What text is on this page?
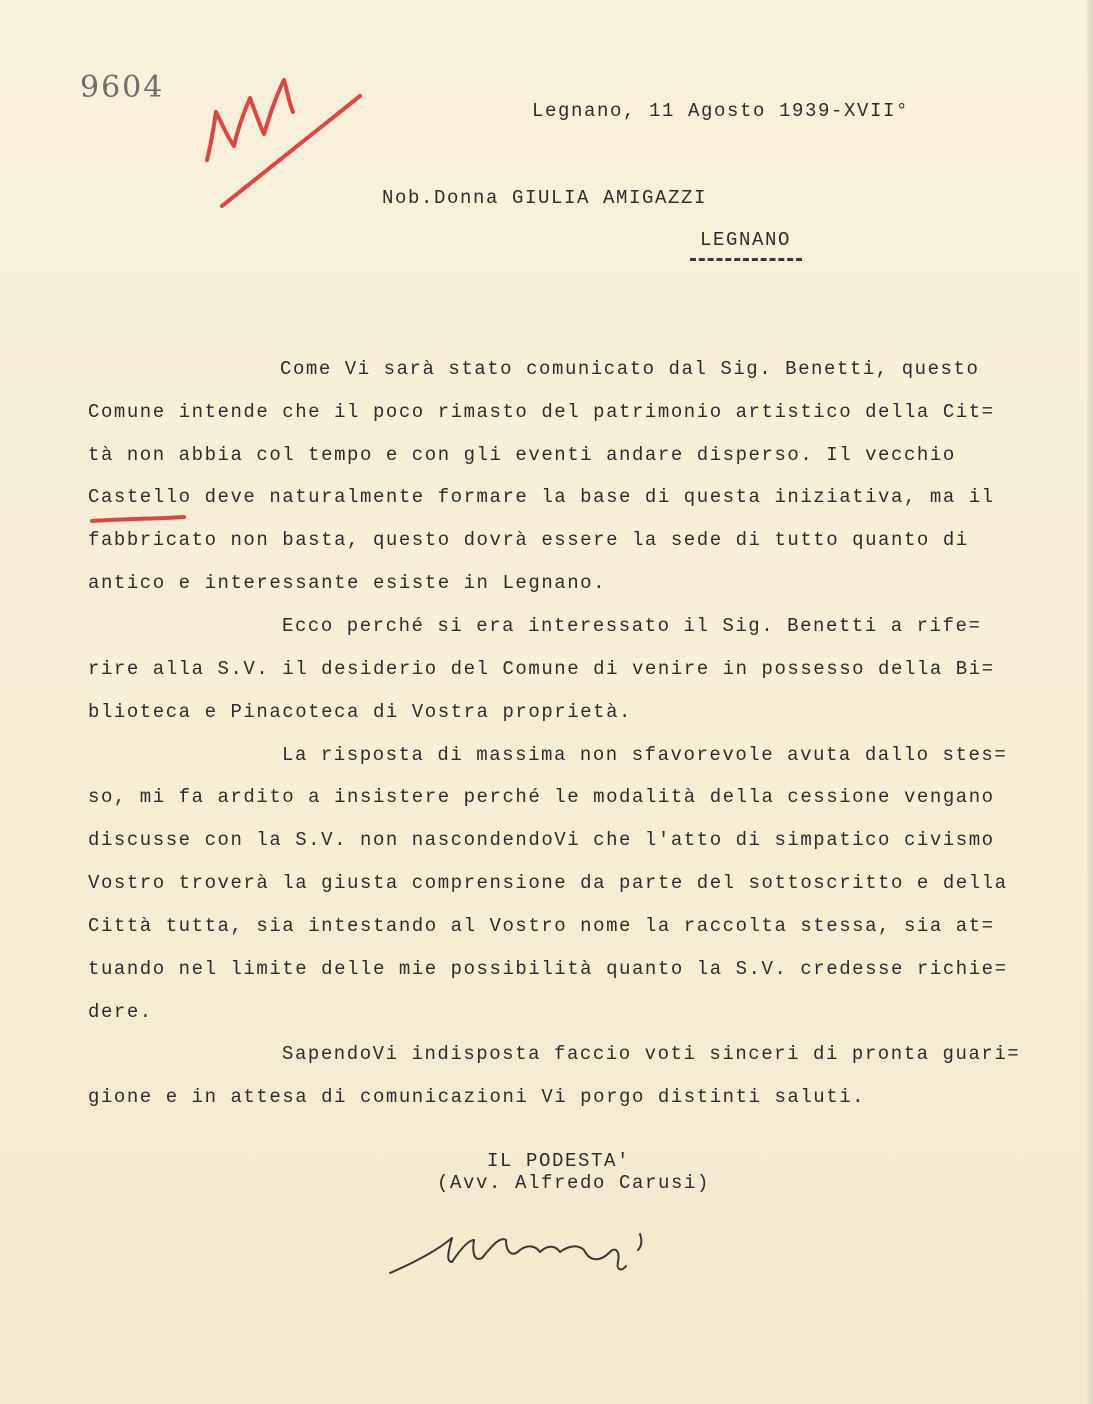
9604
Legnano, 11 Agosto 1939-XVII°
Nob.Donna GIULIA AMIGAZZI
LEGNANO
Come Vi sarà stato comunicato dal Sig. Benetti, questo
Comune intende che il poco rimasto del patrimonio artistico della Cit=
tà non abbia col tempo e con gli eventi andare disperso. Il vecchio
Castello deve naturalmente formare la base di questa iniziativa, ma il
fabbricato non basta, questo dovrà essere la sede di tutto quanto di
antico e interessante esiste in Legnano.
Ecco perché si era interessato il Sig. Benetti a rife=
rire alla S.V. il desiderio del Comune di venire in possesso della Bi=
blioteca e Pinacoteca di Vostra proprietà.
La risposta di massima non sfavorevole avuta dallo stes=
so, mi fa ardito a insistere perché le modalità della cessione vengano
discusse con la S.V. non nascondendoVi che l'atto di simpatico civismo
Vostro troverà la giusta comprensione da parte del sottoscritto e della
Città tutta, sia intestando al Vostro nome la raccolta stessa, sia at=
tuando nel limite delle mie possibilità quanto la S.V. credesse richie=
dere.
SapendoVi indisposta faccio voti sinceri di pronta guari=
gione e in attesa di comunicazioni Vi porgo distinti saluti.
IL PODESTA'
(Avv. Alfredo Carusi)
